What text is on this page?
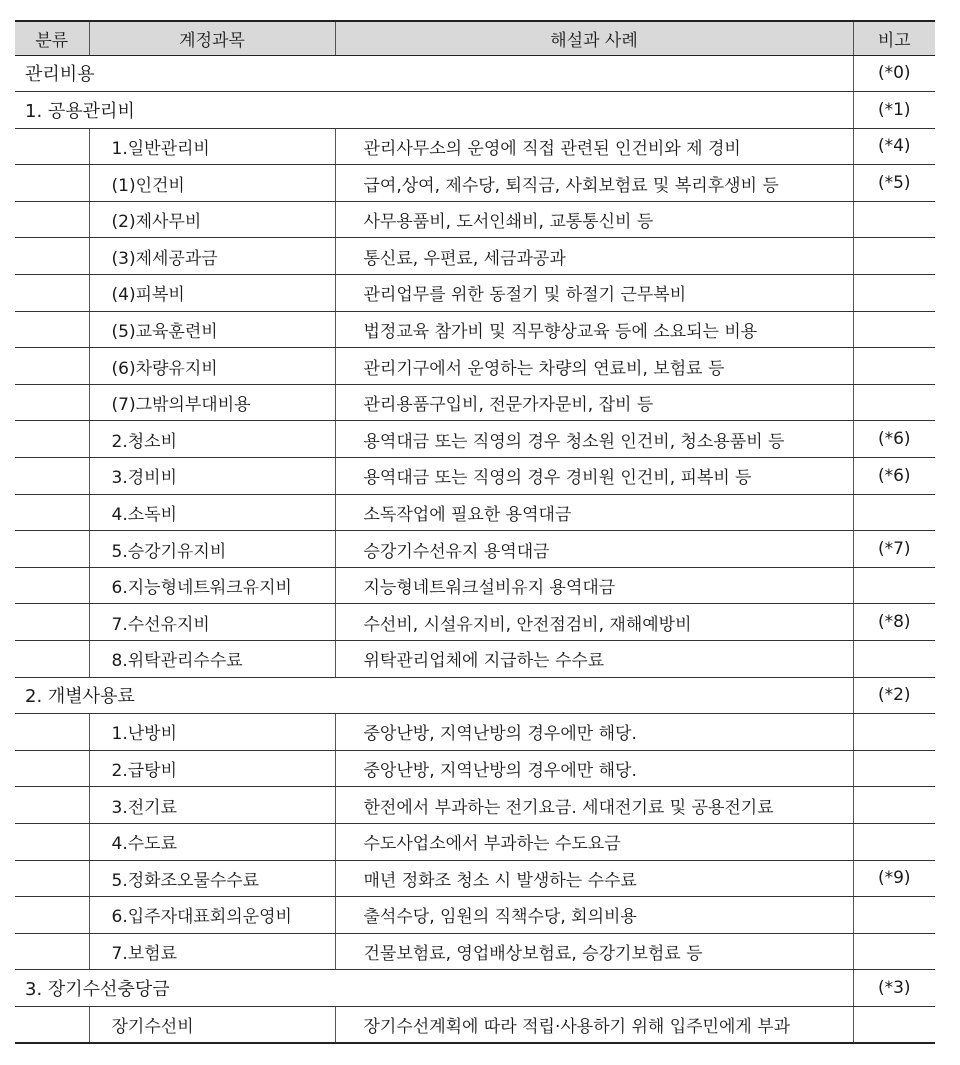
분류	계정과목	해설과 사례	비고
관리비용			(*0)
1. 공용관리비			(*1)
	1.일반관리비	관리사무소의 운영에 직접 관련된 인건비와 제 경비	(*4)
	(1)인건비	급여,상여, 제수당, 퇴직금, 사회보험료 및 복리후생비 등	(*5)
	(2)제사무비	사무용품비, 도서인쇄비, 교통통신비 등	
	(3)제세공과금	통신료, 우편료, 세금과공과	
	(4)피복비	관리업무를 위한 동절기 및 하절기 근무복비	
	(5)교육훈련비	법정교육 참가비 및 직무향상교육 등에 소요되는 비용	
	(6)차량유지비	관리기구에서 운영하는 차량의 연료비, 보험료 등	
	(7)그밖의부대비용	관리용품구입비, 전문가자문비, 잡비 등	
	2.청소비	용역대금 또는 직영의 경우 청소원 인건비, 청소용품비 등	(*6)
	3.경비비	용역대금 또는 직영의 경우 경비원 인건비, 피복비 등	(*6)
	4.소독비	소독작업에 필요한 용역대금	
	5.승강기유지비	승강기수선유지 용역대금	(*7)
	6.지능형네트워크유지비	지능형네트워크설비유지 용역대금	
	7.수선유지비	수선비, 시설유지비, 안전점검비, 재해예방비	(*8)
	8.위탁관리수수료	위탁관리업체에 지급하는 수수료	
2. 개별사용료			(*2)
	1.난방비	중앙난방, 지역난방의 경우에만 해당.	
	2.급탕비	중앙난방, 지역난방의 경우에만 해당.	
	3.전기료	한전에서 부과하는 전기요금. 세대전기료 및 공용전기료	
	4.수도료	수도사업소에서 부과하는 수도요금	
	5.정화조오물수수료	매년 정화조 청소 시 발생하는 수수료	(*9)
	6.입주자대표회의운영비	출석수당, 임원의 직책수당, 회의비용	
	7.보험료	건물보험료, 영업배상보험료, 승강기보험료 등	
3. 장기수선충당금			(*3)
	장기수선비	장기수선계획에 따라 적립·사용하기 위해 입주민에게 부과	
